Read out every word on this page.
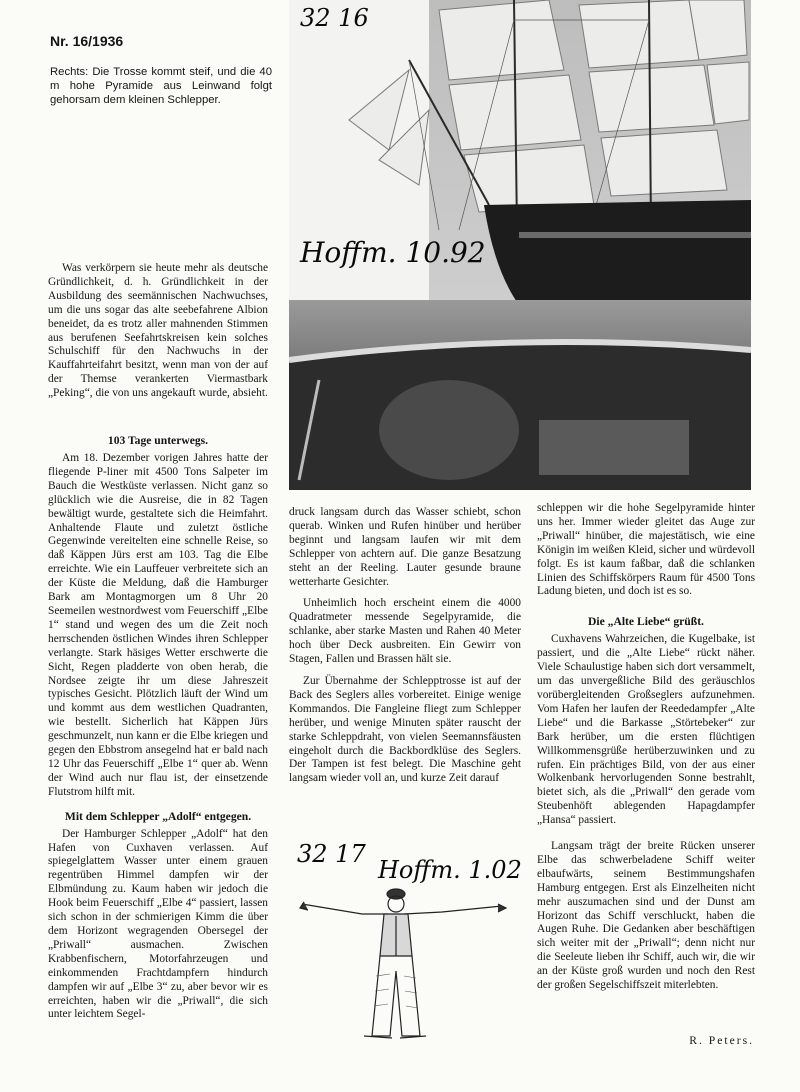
Nr. 16/1936
Rechts: Die Trosse kommt steif, und die 40 m hohe Pyramide aus Leinwand folgt gehorsam dem kleinen Schlepper.
32 16
Hoffm. 10.92

Was verkörpern sie heute mehr als deutsche Gründlichkeit, d. h. Gründlichkeit in der Ausbildung des seemännischen Nachwuchses, um die uns sogar das alte seebefahrene Albion beneidet, da es trotz aller mahnenden Stimmen aus berufenen Seefahrtskreisen kein solches Schulschiff für den Nachwuchs in der Kauffahrteifahrt besitzt, wenn man von der auf der Themse verankerten Viermastbark „Peking“, die von uns angekauft wurde, absieht.

103 Tage unterwegs.

Am 18. Dezember vorigen Jahres hatte der fliegende P-liner mit 4500 Tons Salpeter im Bauch die Westküste verlassen. Nicht ganz so glücklich wie die Ausreise, die in 82 Tagen bewältigt wurde, gestaltete sich die Heimfahrt. Anhaltende Flaute und zuletzt östliche Gegenwinde vereitelten eine schnelle Reise, so daß Käppen Jürs erst am 103. Tag die Elbe erreichte. Wie ein Lauffeuer verbreitete sich an der Küste die Meldung, daß die Hamburger Bark am Montagmorgen um 8 Uhr 20 Seemeilen westnordwest vom Feuerschiff „Elbe 1“ stand und wegen des um die Zeit noch herrschenden östlichen Windes ihren Schlepper verlangte. Stark häsiges Wetter erschwerte die Sicht, Regen pladderte von oben herab, die Nordsee zeigte ihr um diese Jahreszeit typisches Gesicht. Plötzlich läuft der Wind um und kommt aus dem westlichen Quadranten, wie bestellt. Sicherlich hat Käppen Jürs geschmunzelt, nun kann er die Elbe kriegen und gegen den Ebbstrom ansegelnd hat er bald nach 12 Uhr das Feuerschiff „Elbe 1“ quer ab. Wenn der Wind auch nur flau ist, der einsetzende Flutstrom hilft mit.

Mit dem Schlepper „Adolf“ entgegen.

Der Hamburger Schlepper „Adolf“ hat den Hafen von Cuxhaven verlassen. Auf spiegelglattem Wasser unter einem grauen regentrüben Himmel dampfen wir der Elbmündung zu. Kaum haben wir jedoch die Hook beim Feuerschiff „Elbe 4“ passiert, lassen sich schon in der schmierigen Kimm die über dem Horizont wegragenden Obersegel der „Priwall“ ausmachen. Zwischen Krabbenfischern, Motorfahrzeugen und einkommenden Frachtdampfern hindurch dampfen wir auf „Elbe 3“ zu, aber bevor wir es erreichten, haben wir die „Priwall“, die sich unter leichtem Segel-

druck langsam durch das Wasser schiebt, schon querab. Winken und Rufen hinüber und herüber beginnt und langsam laufen wir mit dem Schlepper von achtern auf. Die ganze Besatzung steht an der Reeling. Lauter gesunde braune wetterharte Gesichter.

Unheimlich hoch erscheint einem die 4000 Quadratmeter messende Segelpyramide, die schlanke, aber starke Masten und Rahen 40 Meter hoch über Deck ausbreiten. Ein Gewirr von Stagen, Fallen und Brassen hält sie.

Zur Übernahme der Schlepptrosse ist auf der Back des Seglers alles vorbereitet. Einige wenige Kommandos. Die Fangleine fliegt zum Schlepper herüber, und wenige Minuten später rauscht der starke Schleppdraht, von vielen Seemannsfäusten eingeholt durch die Backbordklüse des Seglers. Der Tampen ist fest belegt. Die Maschine geht langsam wieder voll an, und kurze Zeit darauf

32 17
Hoffm. 1.02

schleppen wir die hohe Segelpyramide hinter uns her. Immer wieder gleitet das Auge zur „Priwall“ hinüber, die majestätisch, wie eine Königin im weißen Kleid, sicher und würdevoll folgt. Es ist kaum faßbar, daß die schlanken Linien des Schiffskörpers Raum für 4500 Tons Ladung bieten, und doch ist es so.

Die „Alte Liebe“ grüßt.

Cuxhavens Wahrzeichen, die Kugelbake, ist passiert, und die „Alte Liebe“ rückt näher. Viele Schaulustige haben sich dort versammelt, um das unvergeßliche Bild des geräuschlos vorübergleitenden Großseglers aufzunehmen. Vom Hafen her laufen der Reededampfer „Alte Liebe“ und die Barkasse „Störtebeker“ zur Bark herüber, um die ersten flüchtigen Willkommensgrüße herüberzuwinken und zu rufen. Ein prächtiges Bild, von der aus einer Wolkenbank hervorlugenden Sonne bestrahlt, bietet sich, als die „Priwall“ den gerade vom Steubenhöft ablegenden Hapagdampfer „Hansa“ passiert.

Langsam trägt der breite Rücken unserer Elbe das schwerbeladene Schiff weiter elbaufwärts, seinem Bestimmungshafen Hamburg entgegen. Erst als Einzelheiten nicht mehr auszumachen sind und der Dunst am Horizont das Schiff verschluckt, haben die Augen Ruhe. Die Gedanken aber beschäftigen sich weiter mit der „Priwall“; denn nicht nur die Seeleute lieben ihr Schiff, auch wir, die wir an der Küste groß wurden und noch den Rest der großen Segelschiffszeit miterlebten.

R. Peters.
